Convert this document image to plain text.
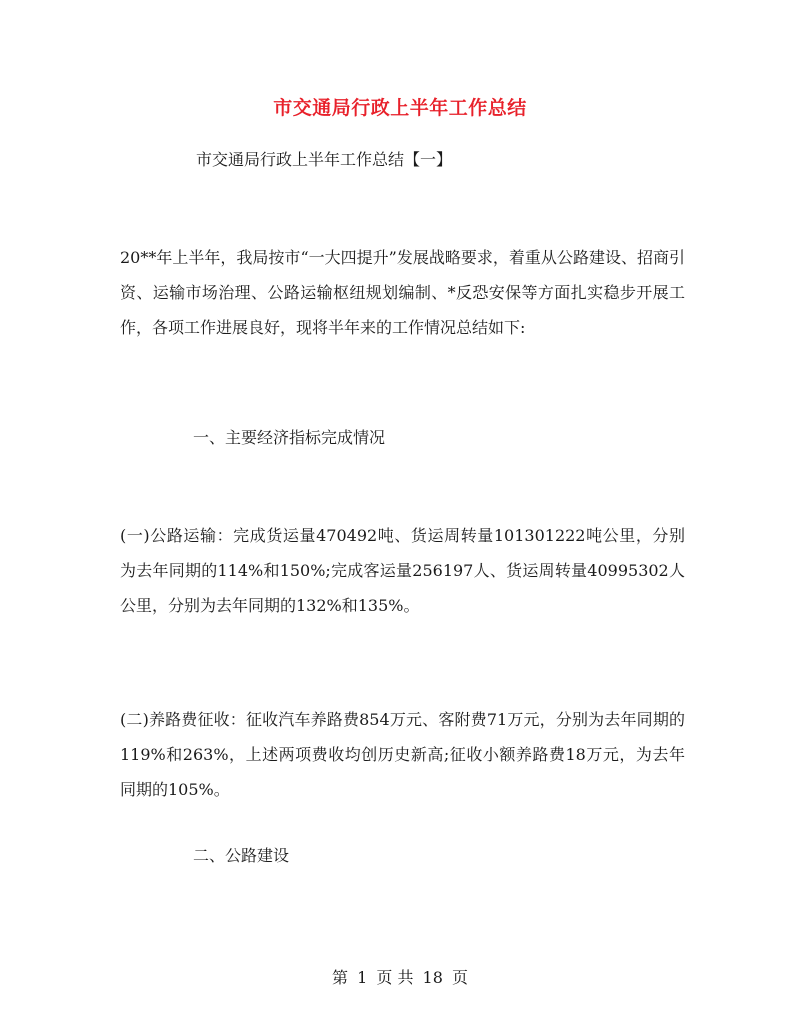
市交通局行政上半年工作总结
市交通局行政上半年工作总结【一】
20**年上半年，我局按市“一大四提升”发展战略要求，着重从公路建设、招商引资、运输市场治理、公路运输枢纽规划编制、*反恐安保等方面扎实稳步开展工作，各项工作进展良好，现将半年来的工作情况总结如下:
一、主要经济指标完成情况
(一)公路运输：完成货运量470492吨、货运周转量101301222吨公里，分别为去年同期的114%和150%;完成客运量256197人、货运周转量40995302人公里，分别为去年同期的132%和135%。
(二)养路费征收：征收汽车养路费854万元、客附费71万元，分别为去年同期的119%和263%，上述两项费收均创历史新高;征收小额养路费18万元，为去年同期的105%。
二、公路建设
第 1 页 共 18 页
